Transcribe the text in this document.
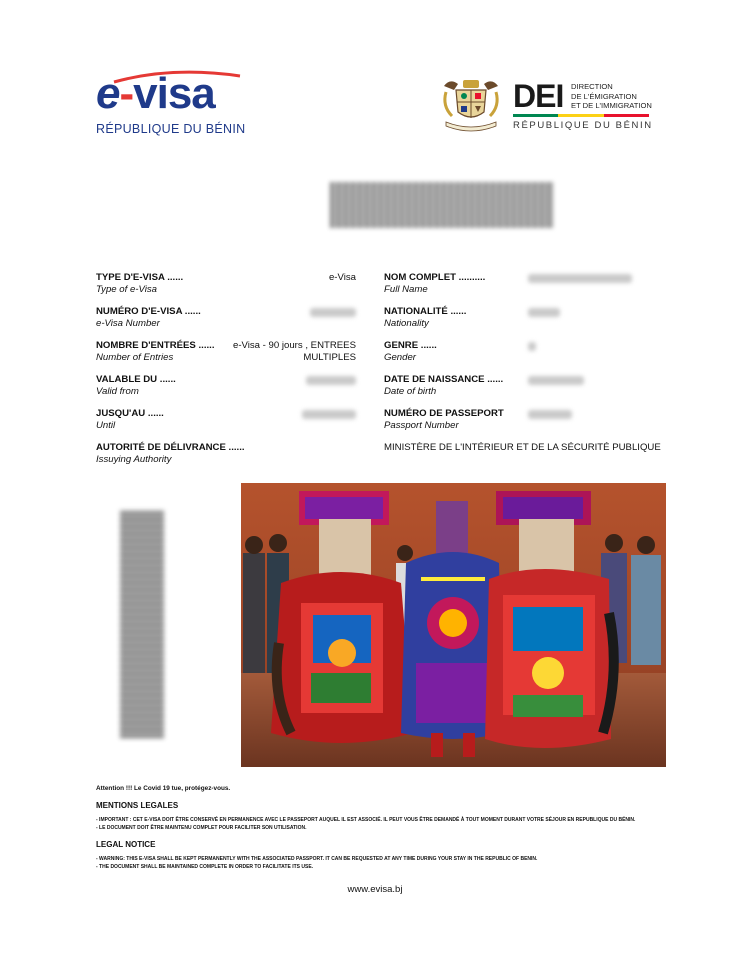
e-visa
RÉPUBLIQUE DU BÉNIN
DEI DIRECTION
DE L'ÉMIGRATION
ET DE L'IMMIGRATION
RÉPUBLIQUE DU BÉNIN
TYPE D'E-VISA ......
Type of e-Visa
e-Visa
NUMÉRO D'E-VISA ......
e-Visa Number
NOMBRE D'ENTRÉES ......
Number of Entries
e-Visa - 90 jours , ENTREES
MULTIPLES
VALABLE DU ......
Valid from
JUSQU'AU ......
Until
AUTORITÉ DE DÉLIVRANCE ......
Issuying Authority
NOM COMPLET ..........
Full Name
NATIONALITÉ ......
Nationality
GENRE ......
Gender
DATE DE NAISSANCE ......
Date of birth
NUMÉRO DE PASSEPORT
Passport Number
MINISTÈRE DE L'INTÉRIEUR ET DE LA SÉCURITÉ PUBLIQUE
Attention !!! Le Covid 19 tue, protégez-vous.
MENTIONS LEGALES
- IMPORTANT : CET E-VISA DOIT ÊTRE CONSERVÉ EN PERMANENCE AVEC LE PASSEPORT AUQUEL IL EST ASSOCIÉ. IL PEUT VOUS ÊTRE DEMANDÉ À TOUT MOMENT DURANT VOTRE SÉJOUR EN REPUBLIQUE DU BÉNIN.
- LE DOCUMENT DOIT ÊTRE MAINTENU COMPLET POUR FACILITER SON UTILISATION.
LEGAL NOTICE
- WARNING: THIS E-VISA SHALL BE KEPT PERMANENTLY WITH THE ASSOCIATED PASSPORT. IT CAN BE REQUESTED AT ANY TIME DURING YOUR STAY IN THE REPUBLIC OF BENIN.
- THE DOCUMENT SHALL BE MAINTAINED COMPLETE IN ORDER TO FACILITATE ITS USE.
www.evisa.bj
